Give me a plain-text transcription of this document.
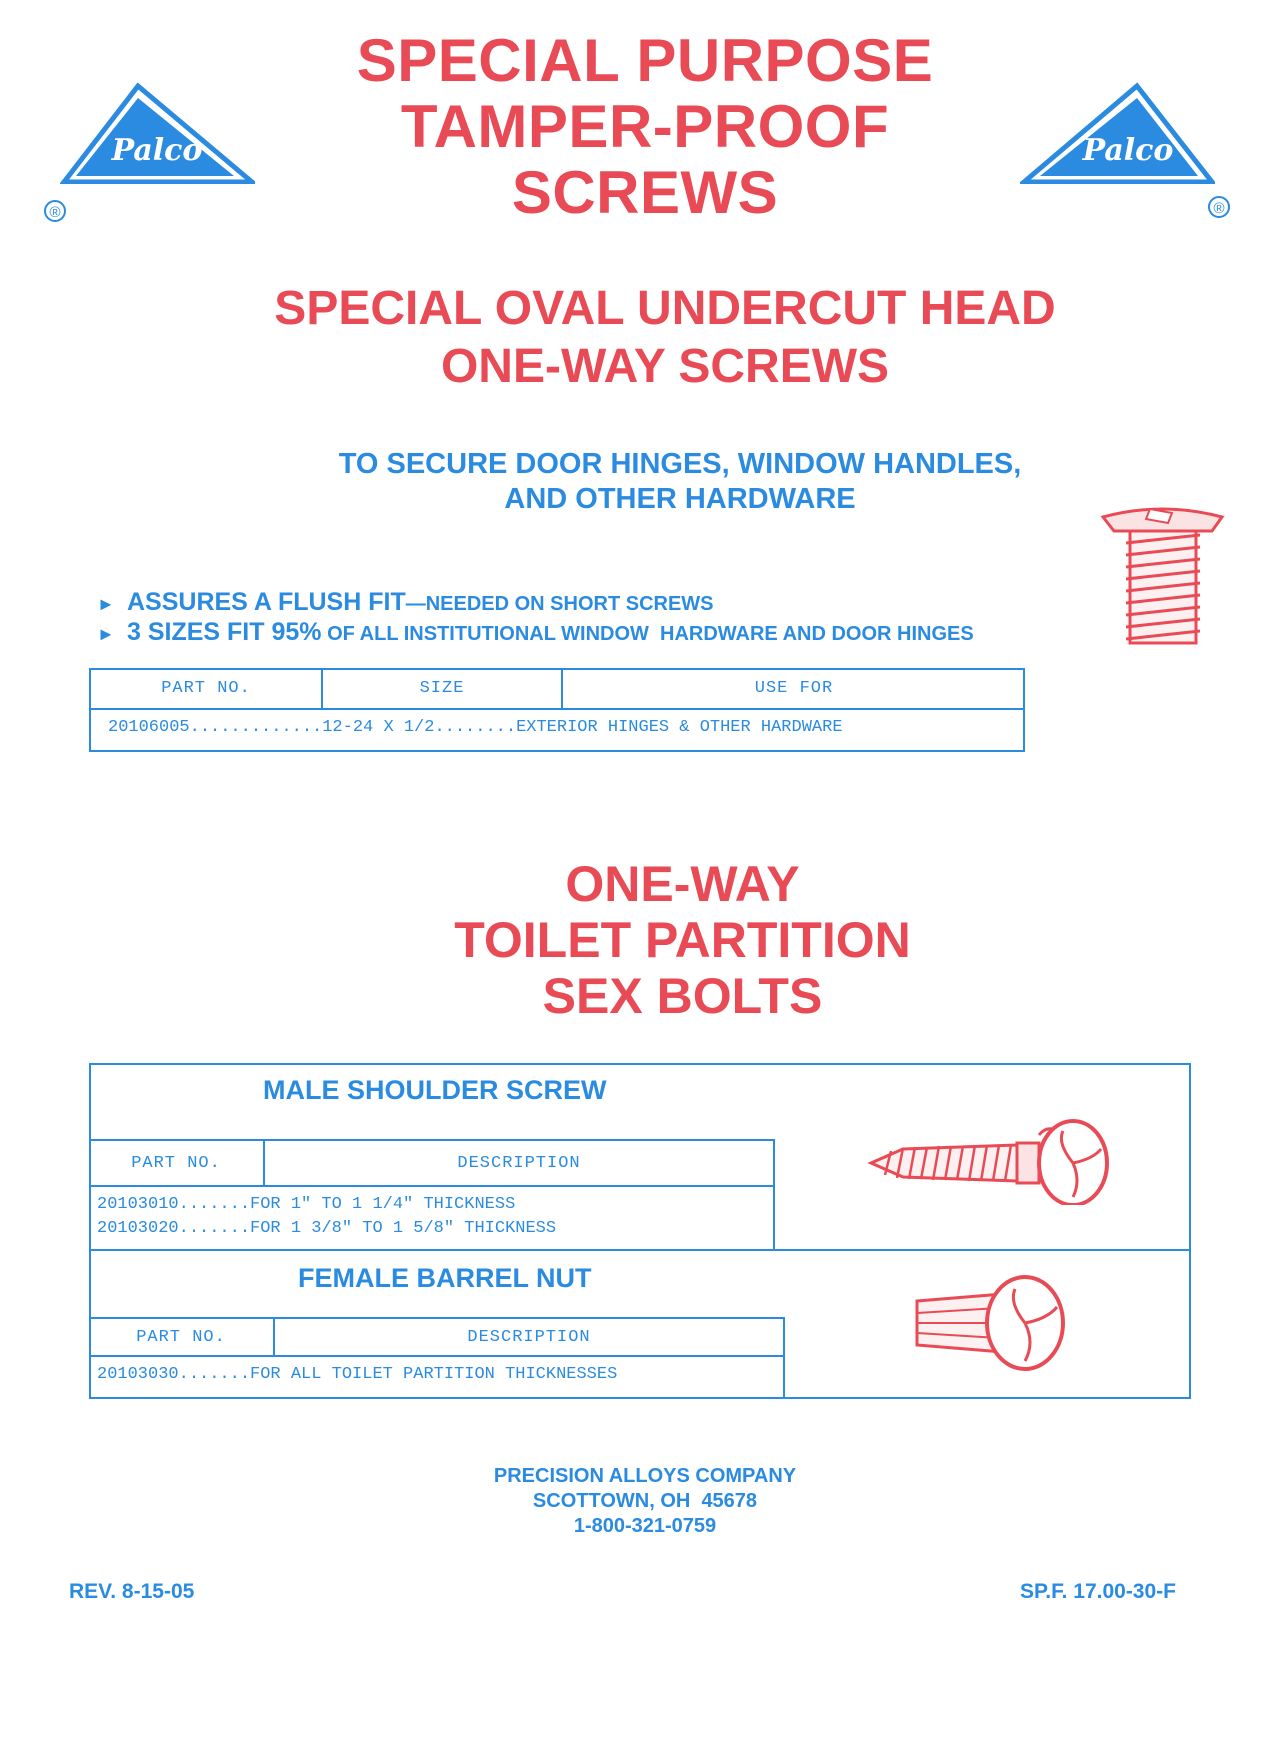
Palco
®
Palco
®
SPECIAL PURPOSE
TAMPER-PROOF
SCREWS
SPECIAL OVAL UNDERCUT HEAD
ONE-WAY SCREWS
TO SECURE DOOR HINGES, WINDOW HANDLES,
AND OTHER HARDWARE
► ASSURES A FLUSH FIT —NEEDED ON SHORT SCREWS
► 3 SIZES FIT 95% OF ALL INSTITUTIONAL WINDOW  HARDWARE AND DOOR HINGES
PART NO.	SIZE	USE FOR
20106005.............12-24 X 1/2........EXTERIOR HINGES & OTHER HARDWARE
ONE-WAY
TOILET PARTITION
SEX BOLTS
MALE SHOULDER SCREW
PART NO.	DESCRIPTION
20103010.......FOR 1" TO 1 1/4" THICKNESS
20103020.......FOR 1 3/8" TO 1 5/8" THICKNESS
FEMALE BARREL NUT
PART NO.	DESCRIPTION
20103030.......FOR ALL TOILET PARTITION THICKNESSES
PRECISION ALLOYS COMPANY
SCOTTOWN, OH  45678
1-800-321-0759
REV. 8-15-05	SP.F. 17.00-30-F
